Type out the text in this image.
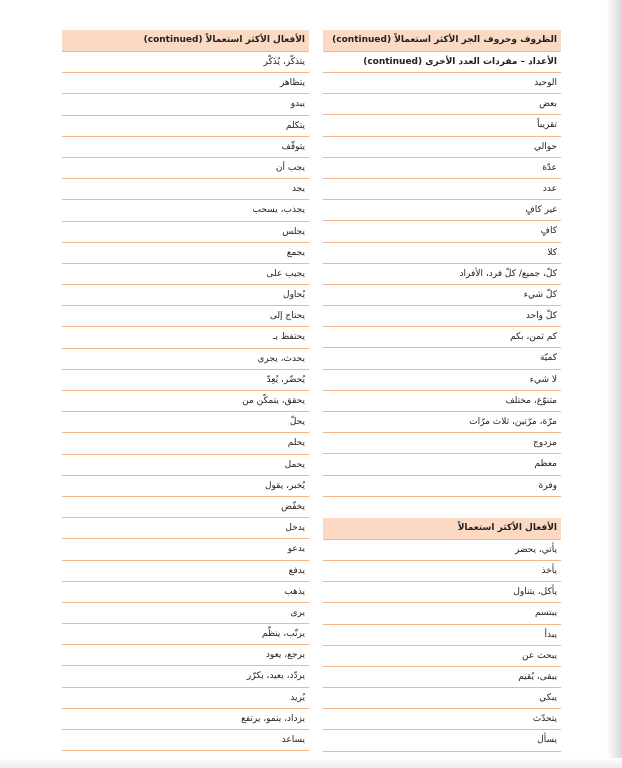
الأفعال الأكثر استعمالاً (continued)
يتذكّر، يُذَكّر
يتظاهر
يبدو
يتكلم
يتوقّف
يجب أن
يجد
يجذب، يسحب
يجلس
يجمع
يجيب على
يُحاول
يحتاج إلى
يحتفظ بـ
يحدث، يجري
يُحضّر، يُعِدّ
يحقق، يتمكّن من
يحلّ
يحلم
يحمل
يُخبر، يقول
يخفّض
يدخل
يدعو
يدفع
يذهب
يرى
يرتّب، ينظّم
يرجع، يعود
يردّد، يعيد، يكرّر
يُريد
يزداد، ينمو، يرتفع
يساعد
الظروف وحروف الجر الأكثر استعمالاً (continued)
الأعداد – مفردات العدد الأخرى (continued)
الوحيد
بعض
تقريباً
حوالي
عدّة
عدد
غير كافٍ
كافٍ
كلا
كلّ، جميع/ كلّ فرد، الأفراد
كلّ شيء
كلّ واحد
كم ثمن، بكم
كميّة
لا شيء
متنوّع، مختلف
مرّة، مرّتين، ثلاث مرّات
مزدوج
معظم
وفرة
الأفعال الأكثر استعمالاً
يأتي، يحضر
يأخذ
يأكل، يتناول
يبتسم
يبدأ
يبحث عن
يبقى، يُقيم
يبكي
يتحدّث
يسأل
